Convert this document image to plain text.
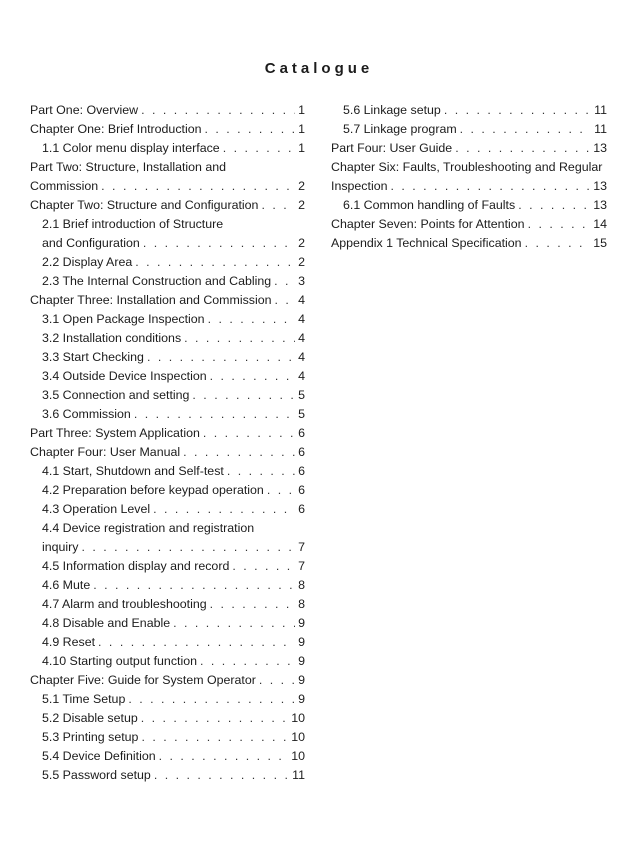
Catalogue
Part One: Overview . . .	1
Chapter One: Brief Introduction . . .	1
1.1 Color menu display interface . . .	1
Part Two: Structure, Installation and
Commission . . .	2
Chapter Two: Structure and Configuration . . .	2
2.1 Brief introduction of Structure
and Configuration . . .	2
2.2 Display Area . . .	2
2.3 The Internal Construction and Cabling . . . 3
Chapter Three: Installation and Commission . . . 4
3.1 Open Package Inspection . . .	4
3.2 Installation conditions . . .	4
3.3 Start Checking . . .	4
3.4 Outside Device Inspection . . .	4
3.5 Connection and setting . . .	5
3.6 Commission . . .	5
Part Three: System Application . . .	6
Chapter Four: User Manual . . .	6
4.1 Start, Shutdown and Self-test . . .	6
4.2 Preparation before keypad operation . . .	6
4.3 Operation Level . . .	6
4.4 Device registration and registration
inquiry . . .	7
4.5 Information display and record . . .	7
4.6 Mute . . .	8
4.7 Alarm and troubleshooting . . .	8
4.8 Disable and Enable . . .	9
4.9 Reset . . .	9
4.10 Starting output function . . .	9
Chapter Five: Guide for System Operator . . .	9
5.1 Time Setup . . .	9
5.2 Disable setup . . .	10
5.3 Printing setup . . .	10
5.4 Device Definition . . .	10
5.5 Password setup . . .	11
5.6 Linkage setup . . .	11
5.7 Linkage program . . .	11
Part Four: User Guide . . .	13
Chapter Six: Faults, Troubleshooting and Regular
Inspection . . .	13
6.1 Common handling of Faults . . .	13
Chapter Seven: Points for Attention . . .	14
Appendix 1 Technical Specification . . .	15
